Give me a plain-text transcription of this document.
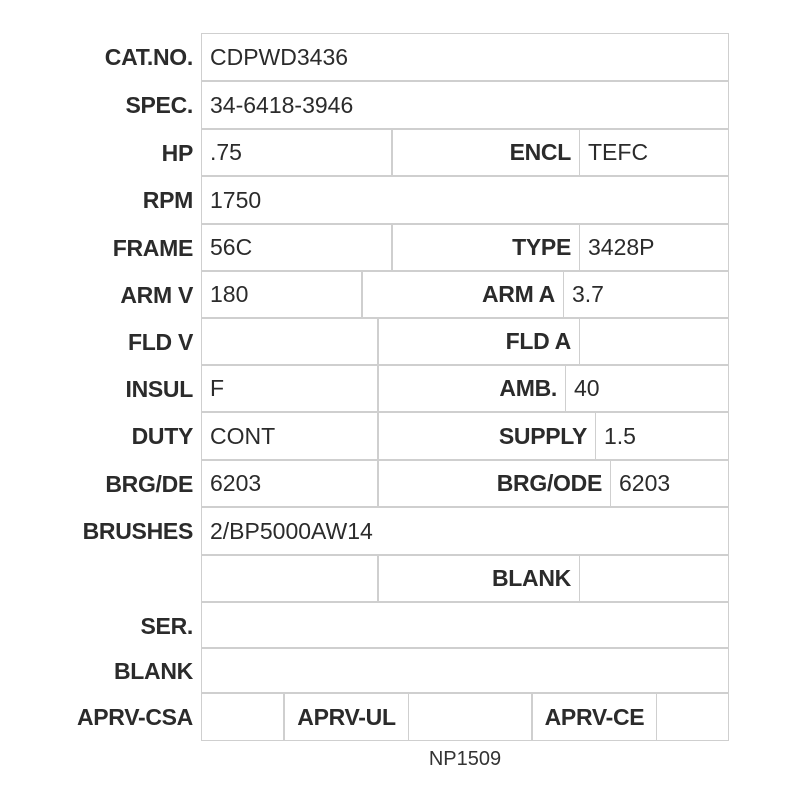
CAT.NO. CDPWD3436
SPEC. 34-6418-3946
HP .75	ENCL TEFC
RPM 1750
FRAME 56C	TYPE 3428P
ARM V 180	ARM A 3.7
FLD V	FLD A
INSUL F	AMB. 40
DUTY CONT	SUPPLY 1.5
BRG/DE 6203	BRG/ODE 6203
BRUSHES 2/BP5000AW14
BLANK
SER.
BLANK
APRV-CSA	APRV-UL	APRV-CE
NP1509
